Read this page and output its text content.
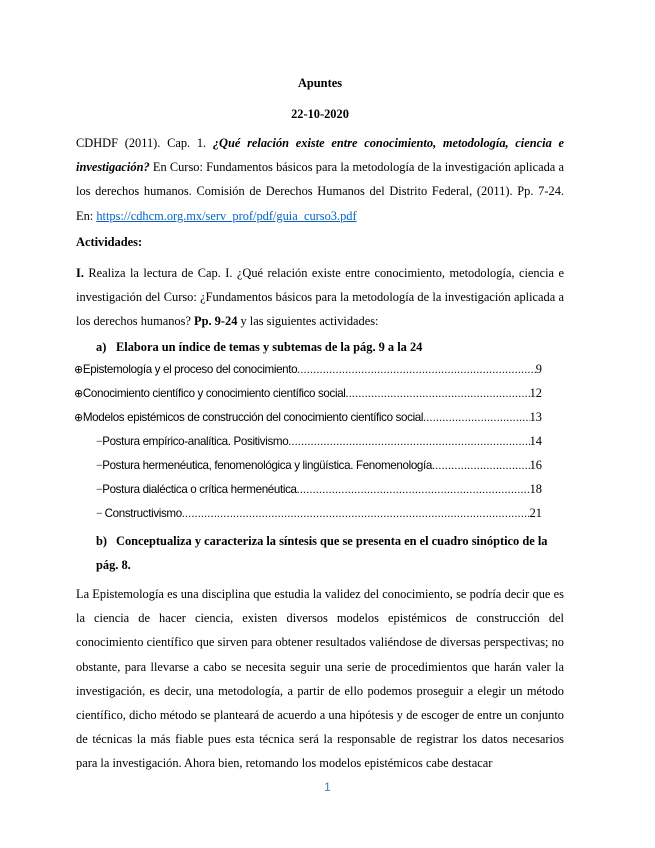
Apuntes
22-10-2020
CDHDF (2011). Cap. 1. ¿Qué relación existe entre conocimiento, metodología, ciencia e investigación? En Curso: Fundamentos básicos para la metodología de la investigación aplicada a los derechos humanos. Comisión de Derechos Humanos del Distrito Federal, (2011). Pp. 7-24. En: https://cdhcm.org.mx/serv_prof/pdf/guia_curso3.pdf
Actividades:
I. Realiza la lectura de Cap. I. ¿Qué relación existe entre conocimiento, metodología, ciencia e investigación del Curso: ¿Fundamentos básicos para la metodología de la investigación aplicada a los derechos humanos? Pp. 9-24 y las siguientes actividades:
a) Elabora un índice de temas y subtemas de la pág. 9 a la 24
⊕ Epistemología y el proceso del conocimiento .....	9
⊕ Conocimiento científico y conocimiento científico social .....	12
⊕ Modelos epistémicos de construcción del conocimiento científico social .....	13
− Postura empírico-analítica. Positivismo .....	14
− Postura hermenéutica, fenomenológica y lingüística. Fenomenología .....	16
− Postura dialéctica o crítica hermenéutica .....	18
− Constructivismo .....	21
b) Conceptualiza y caracteriza la síntesis que se presenta en el cuadro sinóptico de la pág. 8.
La Epistemología es una disciplina que estudia la validez del conocimiento, se podría decir que es la ciencia de hacer ciencia, existen diversos modelos epistémicos de construcción del conocimiento científico que sirven para obtener resultados valiéndose de diversas perspectivas; no obstante, para llevarse a cabo se necesita seguir una serie de procedimientos que harán valer la investigación, es decir, una metodología, a partir de ello podemos proseguir a elegir un método científico, dicho método se planteará de acuerdo a una hipótesis y de escoger de entre un conjunto de técnicas la más fiable pues esta técnica será la responsable de registrar los datos necesarios para la investigación. Ahora bien, retomando los modelos epistémicos cabe destacar
1
